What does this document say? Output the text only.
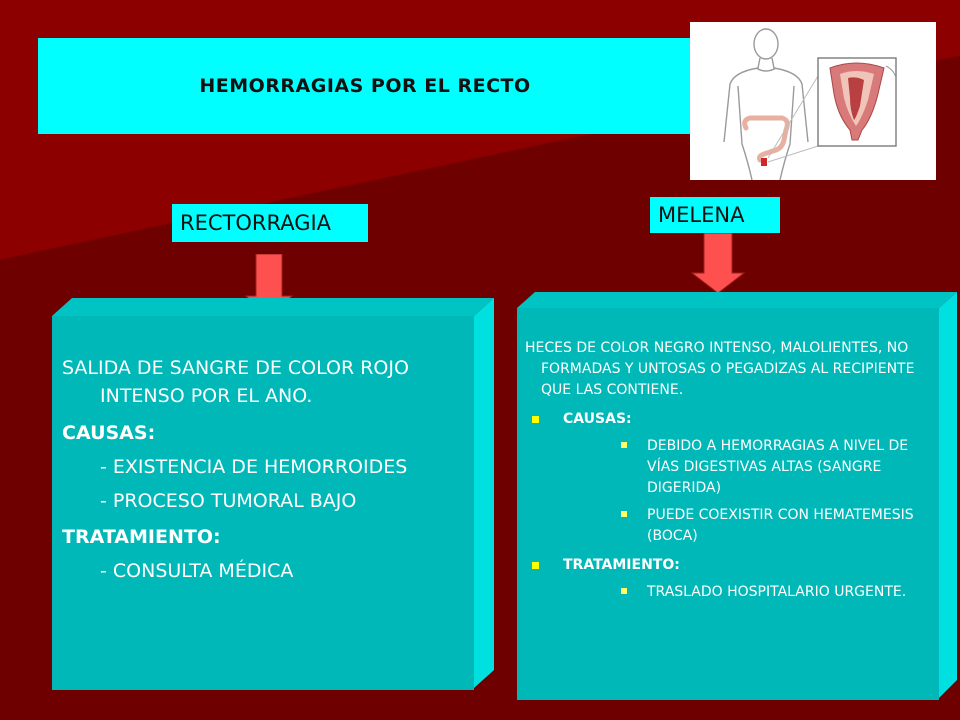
HEMORRAGIAS POR EL RECTO
RECTORRAGIA	MELENA

SALIDA DE SANGRE DE COLOR ROJO INTENSO POR EL ANO.

CAUSAS:

- EXISTENCIA DE HEMORROIDES

- PROCESO TUMORAL BAJO

TRATAMIENTO:

- CONSULTA MÉDICA

HECES DE COLOR NEGRO INTENSO, MALOLIENTES, NO FORMADAS Y UNTOSAS O PEGADIZAS AL RECIPIENTE QUE LAS CONTIENE.

CAUSAS:
DEBIDO A HEMORRAGIAS A NIVEL DE VÍAS DIGESTIVAS ALTAS (SANGRE DIGERIDA)
PUEDE COEXISTIR CON HEMATEMESIS (BOCA)
TRATAMIENTO:
TRASLADO HOSPITALARIO URGENTE.
